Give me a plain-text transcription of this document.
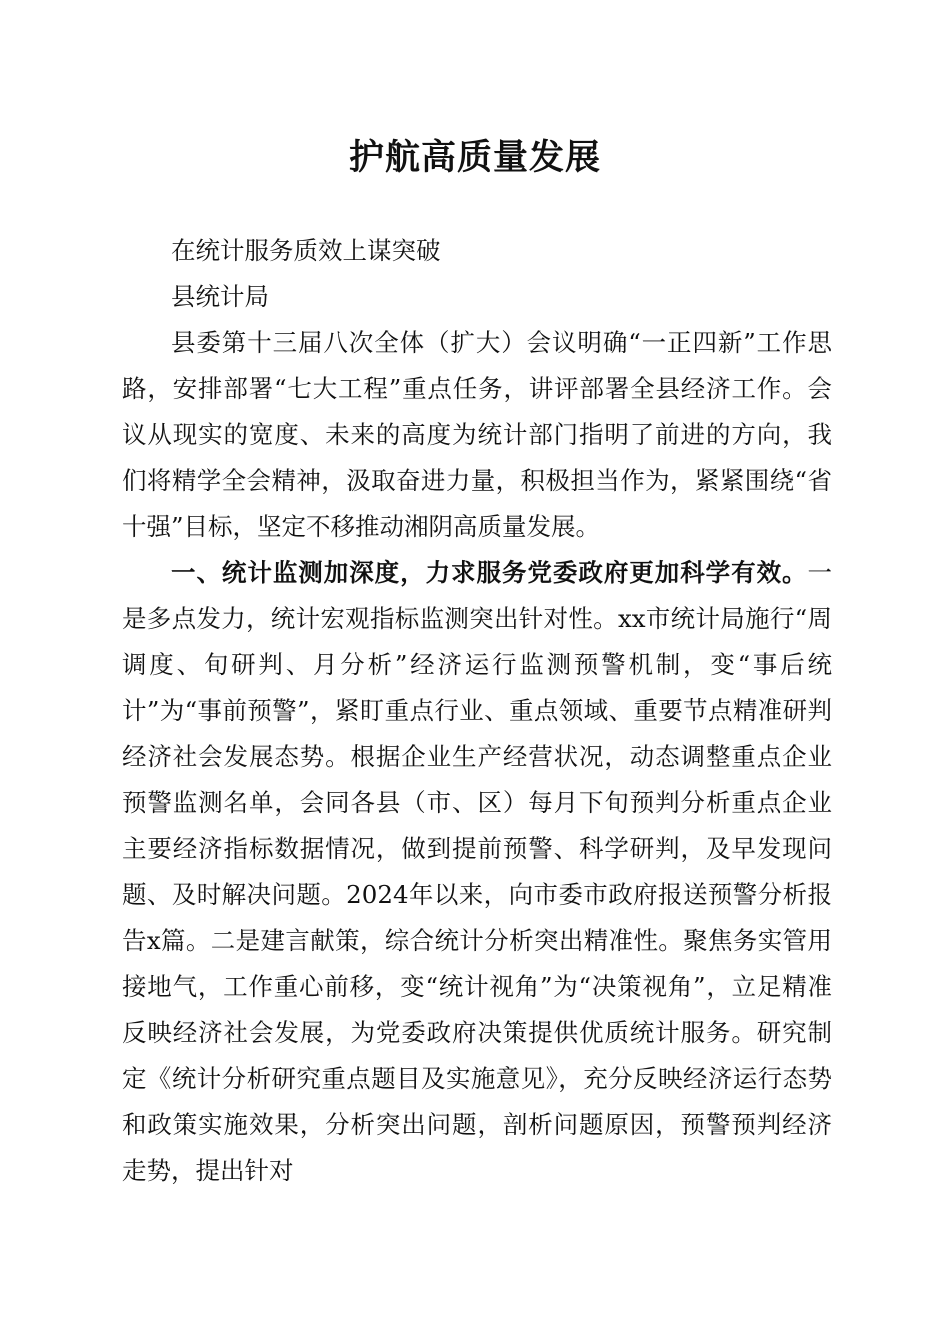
护航高质量发展

在统计服务质效上谋突破

县统计局

县委第十三届八次全体（扩大）会议明确“一正四新”工作思路，安排部署“七大工程”重点任务，讲评部署全县经济工作。会议从现实的宽度、未来的高度为统计部门指明了前进的方向，我们将精学全会精神，汲取奋进力量，积极担当作为，紧紧围绕“省十强”目标，坚定不移推动湘阴高质量发展。

一、统计监测加深度，力求服务党委政府更加科学有效。一是多点发力，统计宏观指标监测突出针对性。xx市统计局施行“周调度、旬研判、月分析”经济运行监测预警机制，变“事后统计”为“事前预警”，紧盯重点行业、重点领域、重要节点精准研判经济社会发展态势。根据企业生产经营状况，动态调整重点企业预警监测名单，会同各县（市、区）每月下旬预判分析重点企业主要经济指标数据情况，做到提前预警、科学研判，及早发现问题、及时解决问题。2024年以来，向市委市政府报送预警分析报告x篇。二是建言献策，综合统计分析突出精准性。聚焦务实管用接地气，工作重心前移，变“统计视角”为“决策视角”，立足精准反映经济社会发展，为党委政府决策提供优质统计服务。研究制定《统计分析研究重点题目及实施意见》，充分反映经济运行态势和政策实施效果，分析突出问题，剖析问题原因，预警预判经济走势，提出针对
